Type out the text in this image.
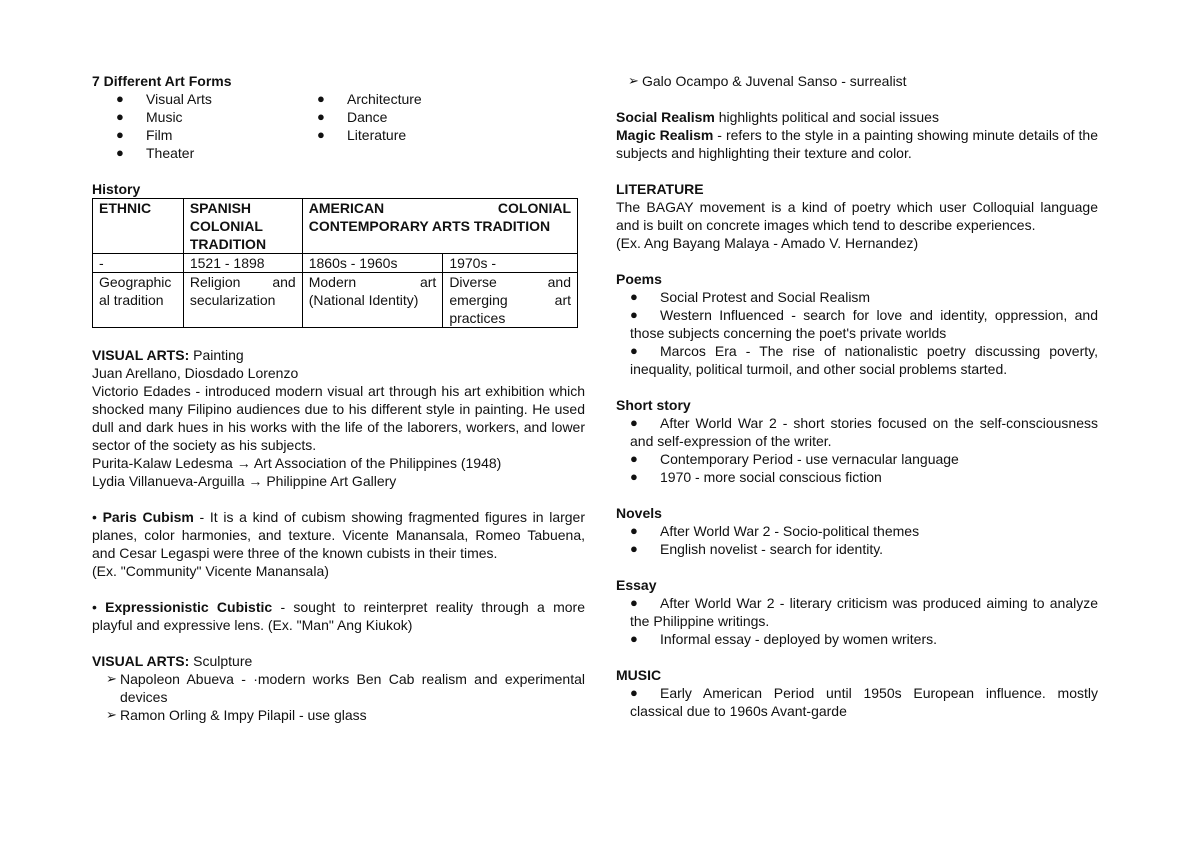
7 Different Art Forms

● Visual Arts
● Music
● Film
● Theater
● Architecture
● Dance
● Literature

History

ETHNIC	SPANISH COLONIAL TRADITION	AMERICAN COLONIAL CONTEMPORARY ARTS TRADITION	
-	1521 - 1898	1860s - 1960s	1970s -
Geographical tradition	Religion and secularization	Modern art (National Identity)	Diverse and emerging art practices

VISUAL ARTS: Painting

Juan Arellano, Diosdado Lorenzo

Victorio Edades - introduced modern visual art through his art exhibition which shocked many Filipino audiences due to his different style in painting. He used dull and dark hues in his works with the life of the laborers, workers, and lower sector of the society as his subjects.

Purita-Kalaw Ledesma → Art Association of the Philippines (1948)

Lydia Villanueva-Arguilla → Philippine Art Gallery

• Paris Cubism - It is a kind of cubism showing fragmented figures in larger planes, color harmonies, and texture. Vicente Manansala, Romeo Tabuena, and Cesar Legaspi were three of the known cubists in their times.

(Ex. "Community" Vicente Manansala)

• Expressionistic Cubistic - sought to reinterpret reality through a more playful and expressive lens. (Ex. "Man" Ang Kiukok)

VISUAL ARTS: Sculpture

➢ Napoleon Abueva - ·modern works Ben Cab realism and experimental devices
➢ Ramon Orling & Impy Pilapil - use glass
➢ Galo Ocampo & Juvenal Sanso - surrealist

Social Realism highlights political and social issues

Magic Realism - refers to the style in a painting showing minute details of the subjects and highlighting their texture and color.

LITERATURE

The BAGAY movement is a kind of poetry which user Colloquial language and is built on concrete images which tend to describe experiences.

(Ex. Ang Bayang Malaya - Amado V. Hernandez)

Poems

● Social Protest and Social Realism
● Western Influenced - search for love and identity, oppression, and those subjects concerning the poet's private worlds
● Marcos Era - The rise of nationalistic poetry discussing poverty, inequality, political turmoil, and other social problems started.

Short story

● After World War 2 - short stories focused on the self-consciousness and self-expression of the writer.
● Contemporary Period - use vernacular language
● 1970 - more social conscious fiction

Novels

● After World War 2 - Socio-political themes
● English novelist - search for identity.

Essay

● After World War 2 - literary criticism was produced aiming to analyze the Philippine writings.
● Informal essay - deployed by women writers.

MUSIC

● Early American Period until 1950s European influence. mostly classical due to 1960s Avant-garde
